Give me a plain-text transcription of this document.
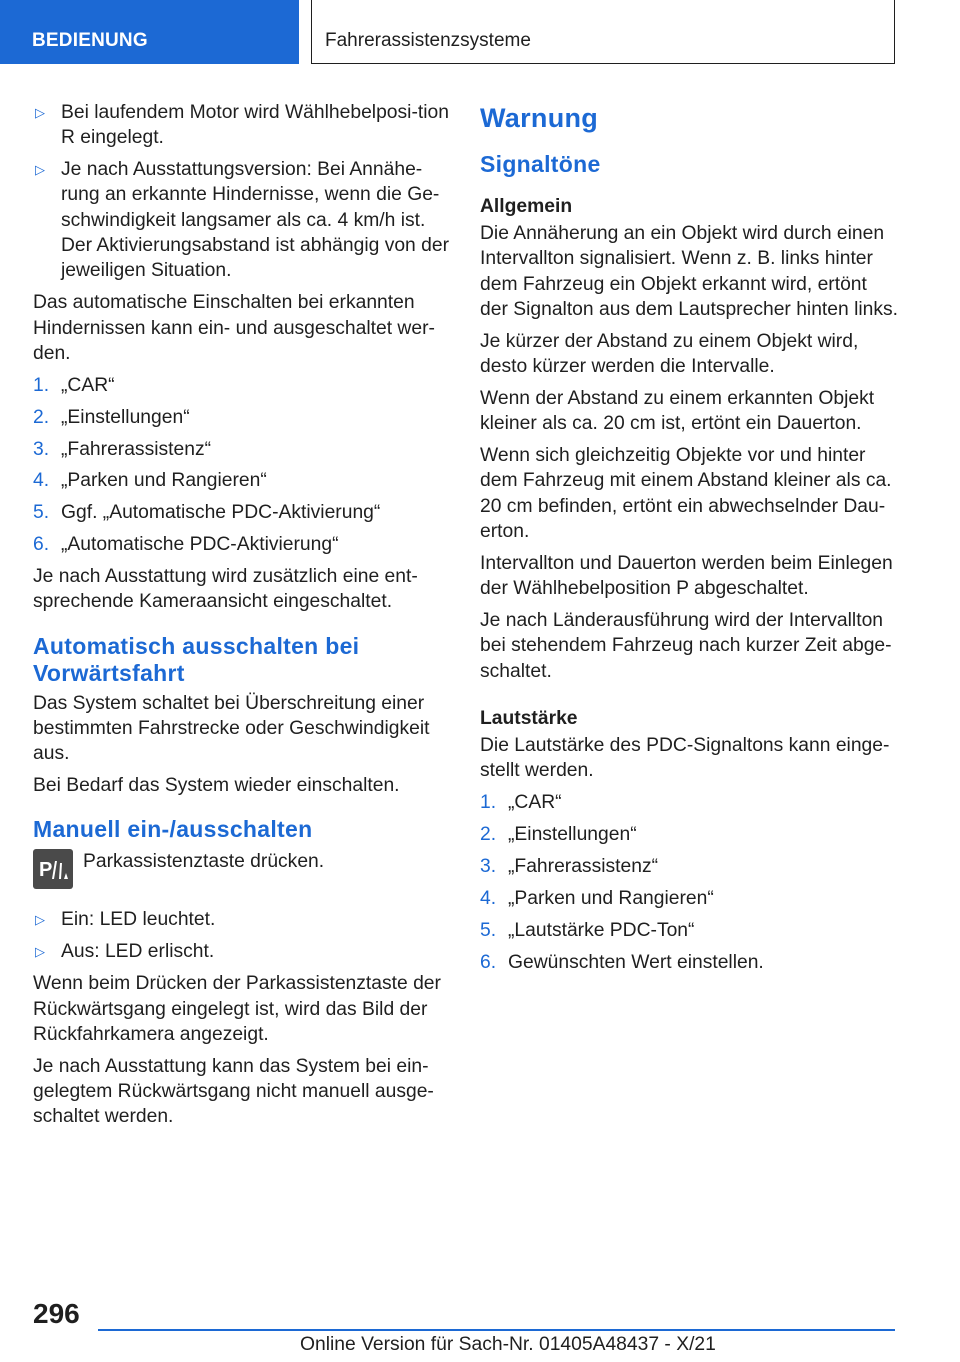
BEDIENUNG	Fahrerassistenzsysteme
▷ Bei laufendem Motor wird Wählhebelposi-tion R eingelegt.
▷ Je nach Ausstattungsversion: Bei Annähe-rung an erkannte Hindernisse, wenn die Ge-schwindigkeit langsamer als ca. 4 km/h ist. Der Aktivierungsabstand ist abhängig von der jeweiligen Situation.

Das automatische Einschalten bei erkannten Hindernissen kann ein- und ausgeschaltet wer-den.

1. „CAR“
2. „Einstellungen“
3. „Fahrerassistenz“
4. „Parken und Rangieren“
5. Ggf. „Automatische PDC-Aktivierung“
6. „Automatische PDC-Aktivierung“

Je nach Ausstattung wird zusätzlich eine ent-sprechende Kameraansicht eingeschaltet.

Automatisch ausschalten bei Vorwärtsfahrt

Das System schaltet bei Überschreitung einer bestimmten Fahrstrecke oder Geschwindigkeit aus.

Bei Bedarf das System wieder einschalten.

Manuell ein-/ausschalten
P Parkassistenztaste drücken.
▷ Ein: LED leuchtet.
▷ Aus: LED erlischt.

Wenn beim Drücken der Parkassistenztaste der Rückwärtsgang eingelegt ist, wird das Bild der Rückfahrkamera angezeigt.

Je nach Ausstattung kann das System bei ein-gelegtem Rückwärtsgang nicht manuell ausge-schaltet werden.

Warnung
Signaltöne
Allgemein

Die Annäherung an ein Objekt wird durch einen Intervallton signalisiert. Wenn z. B. links hinter dem Fahrzeug ein Objekt erkannt wird, ertönt der Signalton aus dem Lautsprecher hinten links.

Je kürzer der Abstand zu einem Objekt wird, desto kürzer werden die Intervalle.

Wenn der Abstand zu einem erkannten Objekt kleiner als ca. 20 cm ist, ertönt ein Dauerton.

Wenn sich gleichzeitig Objekte vor und hinter dem Fahrzeug mit einem Abstand kleiner als ca. 20 cm befinden, ertönt ein abwechselnder Dau-erton.

Intervallton und Dauerton werden beim Einlegen der Wählhebelposition P abgeschaltet.

Je nach Länderausführung wird der Intervallton bei stehendem Fahrzeug nach kurzer Zeit abge-schaltet.

Lautstärke

Die Lautstärke des PDC-Signaltons kann einge-stellt werden.

1. „CAR“
2. „Einstellungen“
3. „Fahrerassistenz“
4. „Parken und Rangieren“
5. „Lautstärke PDC-Ton“
6. Gewünschten Wert einstellen.
296
Online Version für Sach-Nr. 01405A48437 - X/21
